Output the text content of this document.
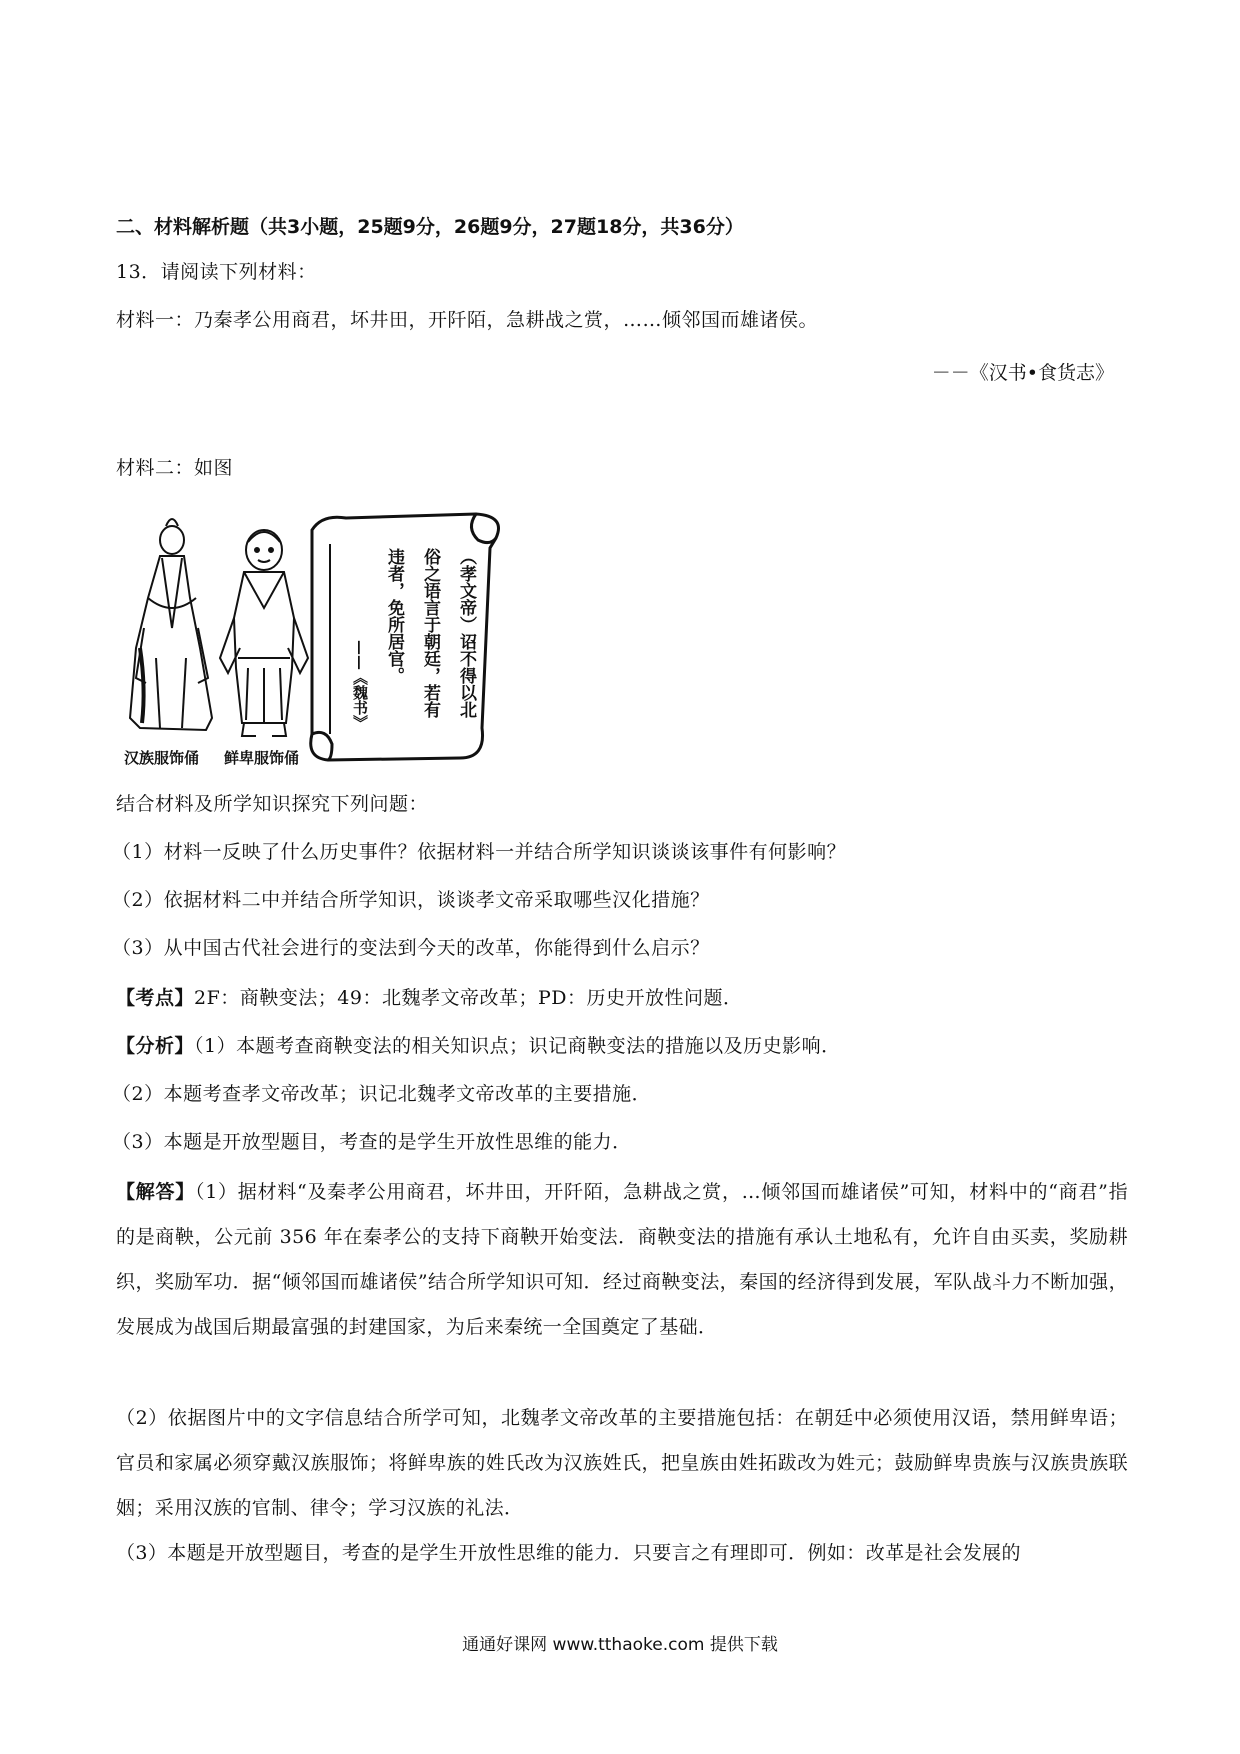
二、材料解析题（共3小题，25题9分，26题9分，27题18分，共36分）
13．请阅读下列材料：
材料一：乃秦孝公用商君，坏井田，开阡陌，急耕战之赏，……倾邻国而雄诸侯。
－－《汉书•食货志》
材料二：如图
汉族服饰俑 鲜卑服饰俑
（孝文帝）诏不得以北
俗之语言于朝廷，若有
违者，免所居官。
——《魏书》
结合材料及所学知识探究下列问题：
（1）材料一反映了什么历史事件？依据材料一并结合所学知识谈谈该事件有何影响？
（2）依据材料二中并结合所学知识，谈谈孝文帝采取哪些汉化措施？
（3）从中国古代社会进行的变法到今天的改革，你能得到什么启示？
【考点】2F：商鞅变法；49：北魏孝文帝改革；PD：历史开放性问题．
【分析】（1）本题考查商鞅变法的相关知识点；识记商鞅变法的措施以及历史影响．
（2）本题考查孝文帝改革；识记北魏孝文帝改革的主要措施．
（3）本题是开放型题目，考查的是学生开放性思维的能力．
【解答】（1）据材料“及秦孝公用商君，坏井田，开阡陌，急耕战之赏，…倾邻国而雄诸侯”可知，材料中的“商君”指的是商鞅，公元前 356 年在秦孝公的支持下商鞅开始变法．商鞅变法的措施有承认土地私有，允许自由买卖，奖励耕织，奖励军功．据“倾邻国而雄诸侯”结合所学知识可知．经过商鞅变法，秦国的经济得到发展，军队战斗力不断加强，发展成为战国后期最富强的封建国家，为后来秦统一全国奠定了基础．
（2）依据图片中的文字信息结合所学可知，北魏孝文帝改革的主要措施包括：在朝廷中必须使用汉语，禁用鲜卑语；官员和家属必须穿戴汉族服饰；将鲜卑族的姓氏改为汉族姓氏，把皇族由姓拓跋改为姓元；鼓励鲜卑贵族与汉族贵族联姻；采用汉族的官制、律令；学习汉族的礼法．
（3）本题是开放型题目，考查的是学生开放性思维的能力．只要言之有理即可．例如：改革是社会发展的
通通好课网 www.tthaoke.com 提供下载
